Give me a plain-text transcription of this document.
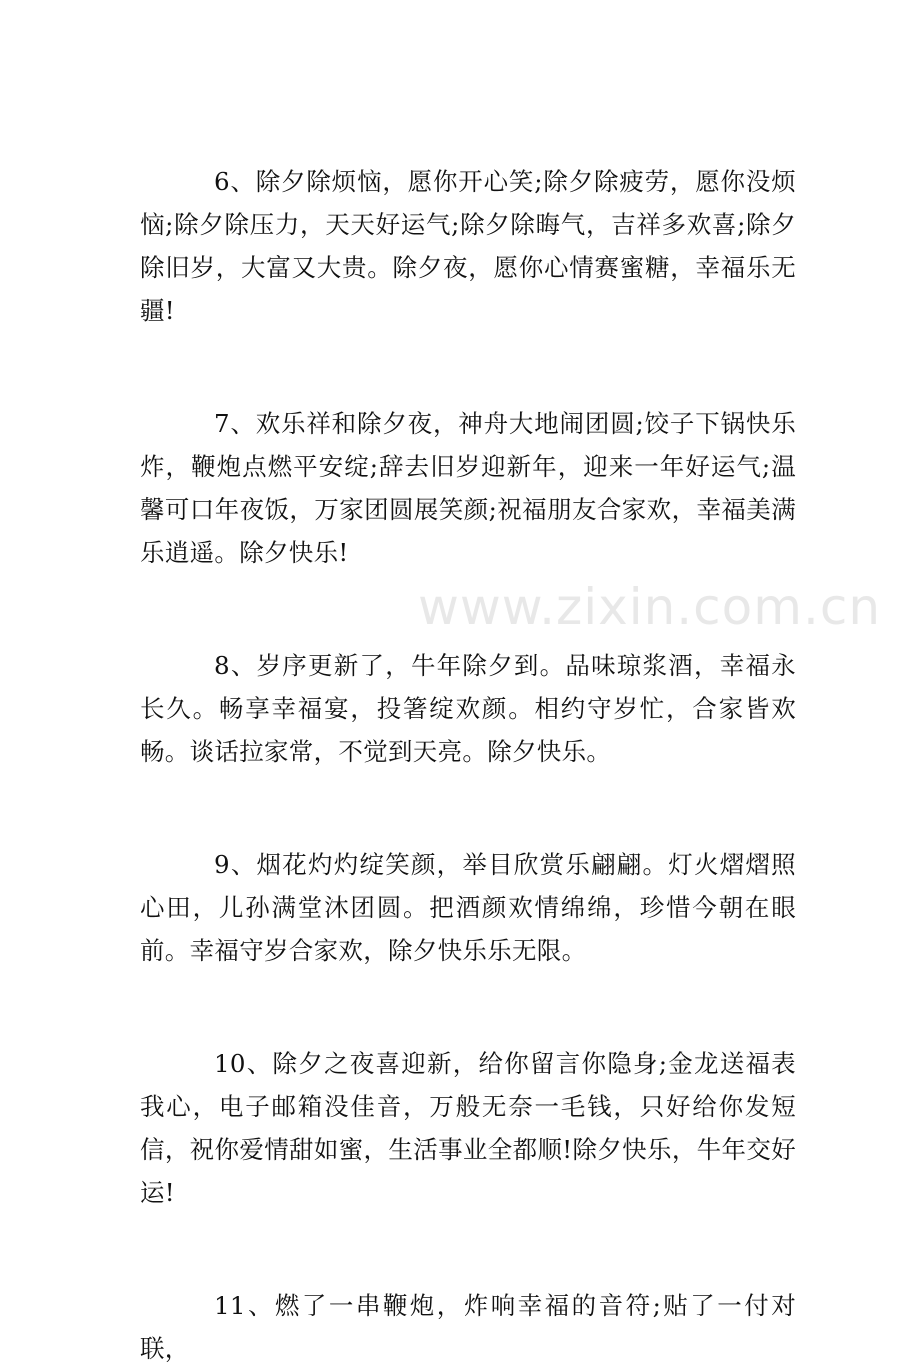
6、除夕除烦恼，愿你开心笑;除夕除疲劳，愿你没烦恼;除夕除压力，天天好运气;除夕除晦气，吉祥多欢喜;除夕除旧岁，大富又大贵。除夕夜，愿你心情赛蜜糖，幸福乐无疆!

7、欢乐祥和除夕夜，神舟大地闹团圆;饺子下锅快乐炸，鞭炮点燃平安绽;辞去旧岁迎新年，迎来一年好运气;温馨可口年夜饭，万家团圆展笑颜;祝福朋友合家欢，幸福美满乐逍遥。除夕快乐!

8、岁序更新了，牛年除夕到。品味琼浆酒，幸福永长久。畅享幸福宴，投箸绽欢颜。相约守岁忙，合家皆欢畅。谈话拉家常，不觉到天亮。除夕快乐。

9、烟花灼灼绽笑颜，举目欣赏乐翩翩。灯火熠熠照心田，儿孙满堂沐团圆。把酒颜欢情绵绵，珍惜今朝在眼前。幸福守岁合家欢，除夕快乐乐无限。

10、除夕之夜喜迎新，给你留言你隐身;金龙送福表我心，电子邮箱没佳音，万般无奈一毛钱，只好给你发短信，祝你爱情甜如蜜，生活事业全都顺!除夕快乐，牛年交好运!

11、燃了一串鞭炮，炸响幸福的音符;贴了一付对联，

www.zixin.com.cn
